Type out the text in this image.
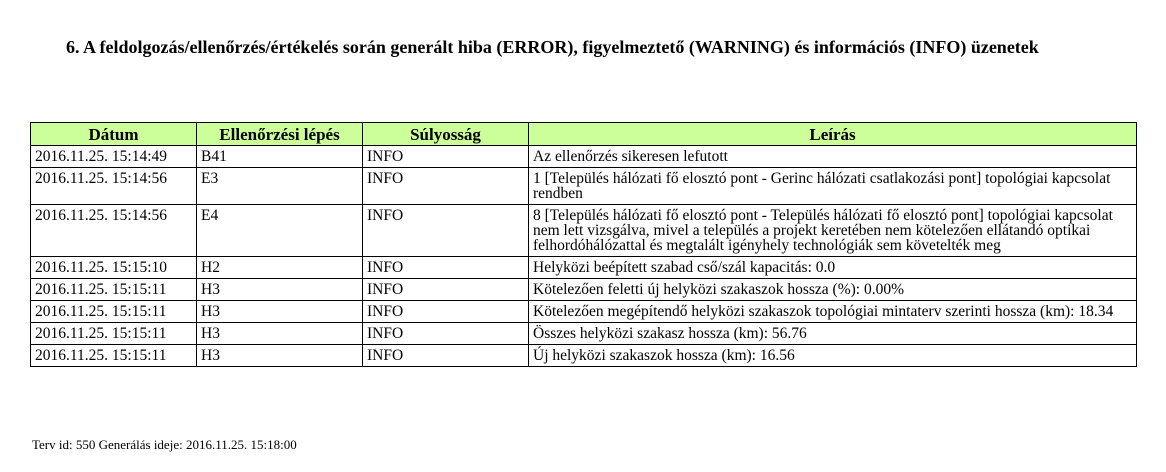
6. A feldolgozás/ellenőrzés/értékelés során generált hiba (ERROR), figyelmeztető (WARNING) és információs (INFO) üzenetek
Dátum	Ellenőrzési lépés	Súlyosság	Leírás
2016.11.25. 15:14:49	B41	INFO	Az ellenőrzés sikeresen lefutott
2016.11.25. 15:14:56	E3	INFO	1 [Település hálózati fő elosztó pont - Gerinc hálózati csatlakozási pont] topológiai kapcsolat rendben
2016.11.25. 15:14:56	E4	INFO	8 [Település hálózati fő elosztó pont - Település hálózati fő elosztó pont] topológiai kapcsolat nem lett vizsgálva, mivel a település a projekt keretében nem kötelezően ellátandó optikai felhordóhálózattal és megtalált igényhely technológiák sem követelték meg
2016.11.25. 15:15:10	H2	INFO	Helyközi beépített szabad cső/szál kapacitás: 0.0
2016.11.25. 15:15:11	H3	INFO	Kötelezően feletti új helyközi szakaszok hossza (%): 0.00%
2016.11.25. 15:15:11	H3	INFO	Kötelezően megépítendő helyközi szakaszok topológiai mintaterv szerinti hossza (km): 18.34
2016.11.25. 15:15:11	H3	INFO	Összes helyközi szakasz hossza (km): 56.76
2016.11.25. 15:15:11	H3	INFO	Új helyközi szakaszok hossza (km): 16.56
Terv id: 550 Generálás ideje: 2016.11.25. 15:18:00
